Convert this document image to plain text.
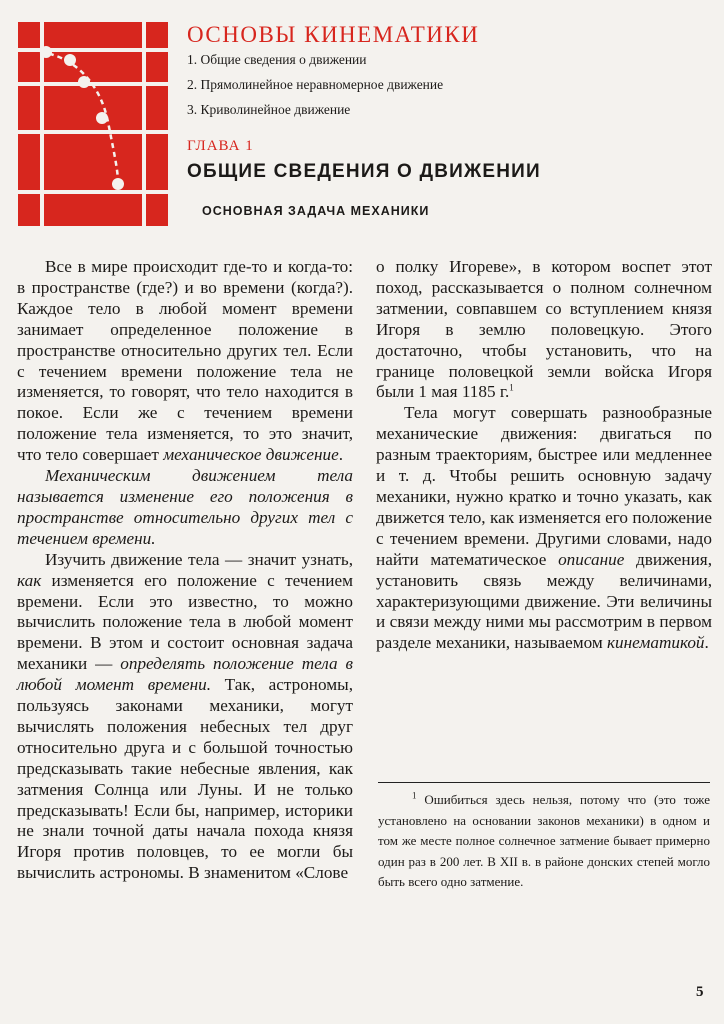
ОСНОВЫ КИНЕМАТИКИ
1. Общие сведения о движении
2. Прямолинейное неравномерное движение
3. Криволинейное движение
ГЛАВА 1
ОБЩИЕ СВЕДЕНИЯ О ДВИЖЕНИИ
ОСНОВНАЯ ЗАДАЧА МЕХАНИКИ

Все в мире происходит где-то и когда-то: в пространстве (где?) и во времени (когда?). Каждое тело в любой момент времени занимает определенное положение в пространстве относительно других тел. Если с течением времени положение тела не изменяется, то говорят, что тело находится в покое. Если же с течением времени положение тела изменяется, то это значит, что тело совершает механическое движение.

Механическим движением тела называется изменение его положения в пространстве относительно других тел с течением времени.

Изучить движение тела — значит узнать, как изменяется его положение с течением времени. Если это известно, то можно вычислить положение тела в любой момент времени. В этом и состоит основная задача механики — определять положение тела в любой момент времени. Так, астрономы, пользуясь законами механики, могут вычислять положения небесных тел друг относительно друга и с большой точностью предсказывать такие небесные явления, как затмения Солнца или Луны. И не только предсказывать! Если бы, например, историки не знали точной даты начала похода князя Игоря против половцев, то ее могли бы вычислить астрономы. В знаменитом «Слове

о полку Игореве», в котором воспет этот поход, рассказывается о полном солнечном затмении, совпавшем со вступлением князя Игоря в землю половецкую. Этого достаточно, чтобы установить, что на границе половецкой земли войска Игоря были 1 мая 1185 г.$^1$

Тела могут совершать разнообразные механические движения: двигаться по разным траекториям, быстрее или медленнее и т. д. Чтобы решить основную задачу механики, нужно кратко и точно указать, как движется тело, как изменяется его положение с течением времени. Другими словами, надо найти математическое описание движения, установить связь между величинами, характеризующими движение. Эти величины и связи между ними мы рассмотрим в первом разделе механики, называемом кинематикой.

$^1$ Ошибиться здесь нельзя, потому что (это тоже установлено на основании законов механики) в одном и том же месте полное солнечное затмение бывает примерно один раз в 200 лет. В XII в. в районе донских степей могло быть всего одно затмение.

5
